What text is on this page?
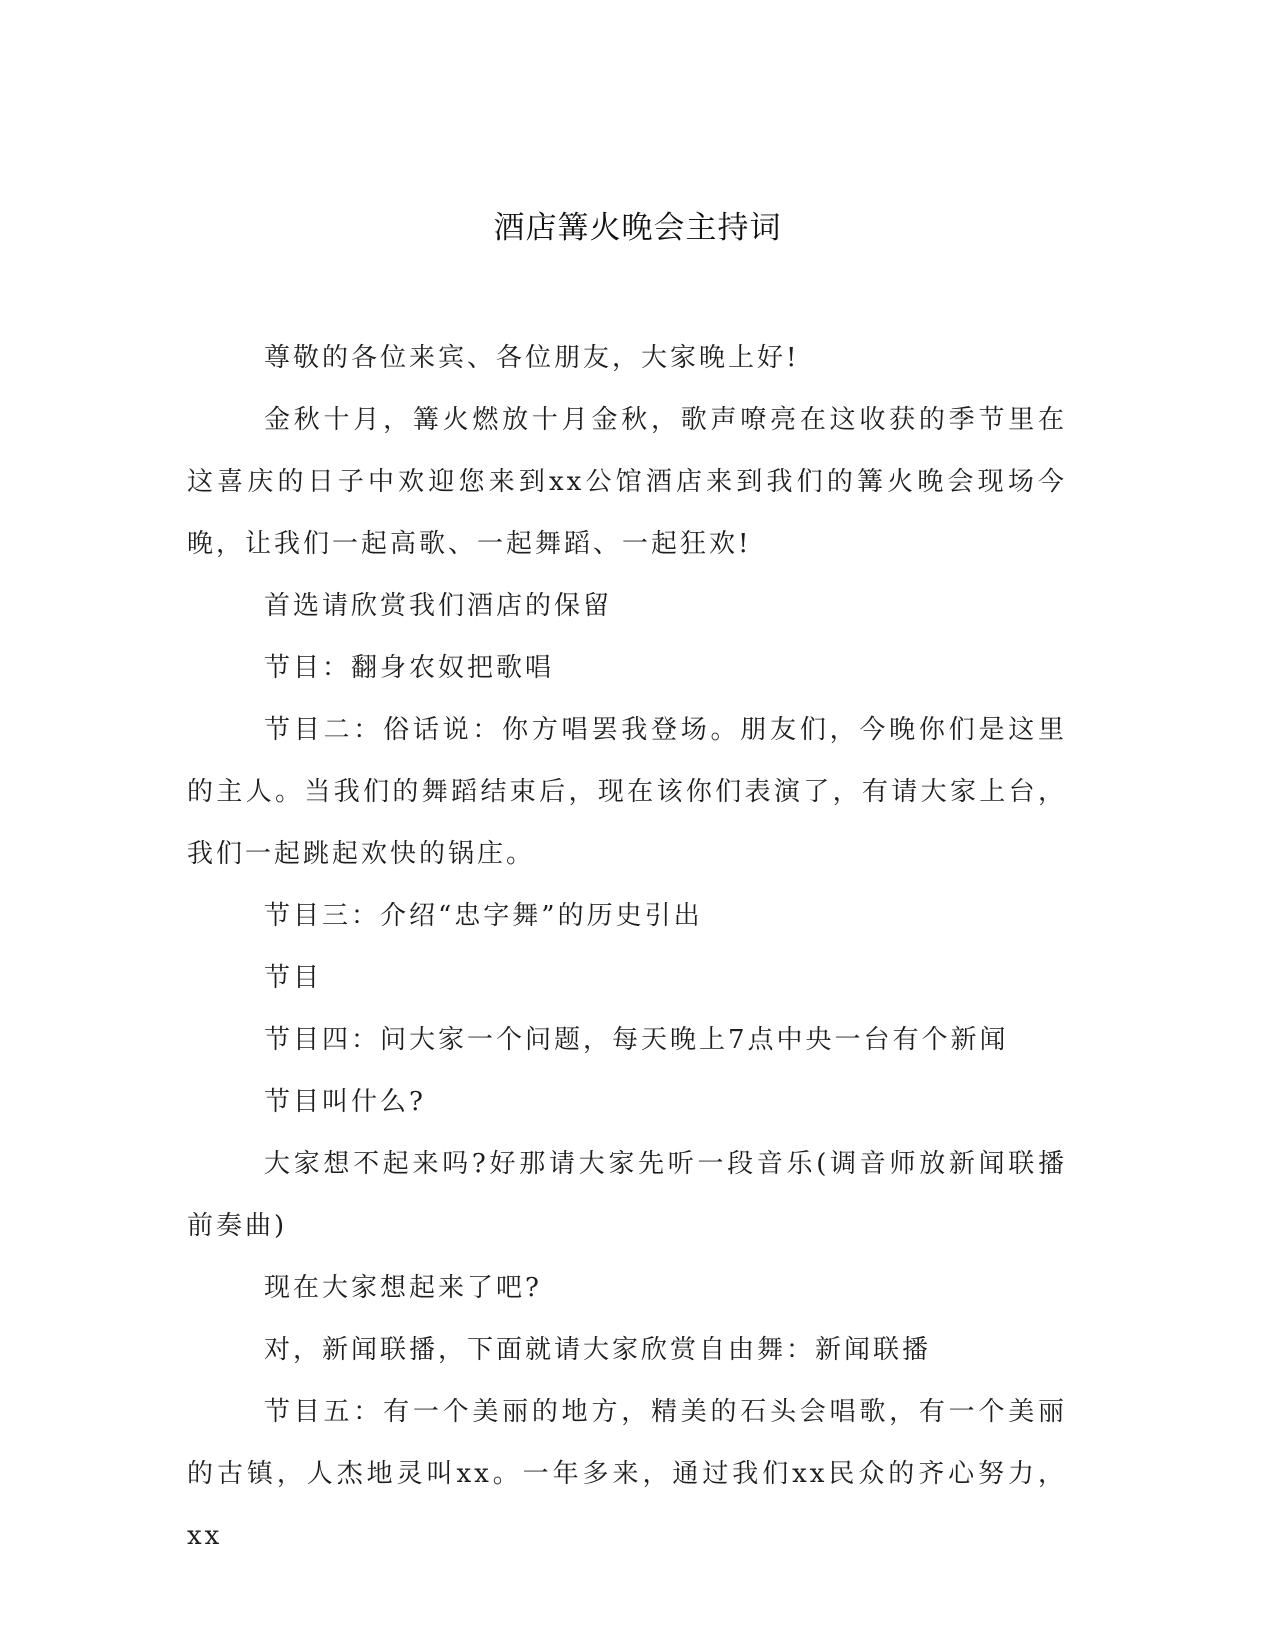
酒店篝火晚会主持词

尊敬的各位来宾、各位朋友，大家晚上好!

金秋十月，篝火燃放十月金秋，歌声嘹亮在这收获的季节里在这喜庆的日子中欢迎您来到xx公馆酒店来到我们的篝火晚会现场今晚，让我们一起高歌、一起舞蹈、一起狂欢!

首选请欣赏我们酒店的保留

节目：翻身农奴把歌唱

节目二：俗话说：你方唱罢我登场。朋友们，今晚你们是这里的主人。当我们的舞蹈结束后，现在该你们表演了，有请大家上台，我们一起跳起欢快的锅庄。

节目三：介绍“忠字舞”的历史引出

节目

节目四：问大家一个问题，每天晚上7点中央一台有个新闻

节目叫什么?

大家想不起来吗?好那请大家先听一段音乐(调音师放新闻联播前奏曲)

现在大家想起来了吧?

对，新闻联播，下面就请大家欣赏自由舞：新闻联播

节目五：有一个美丽的地方，精美的石头会唱歌，有一个美丽的古镇，人杰地灵叫xx。一年多来，通过我们xx民众的齐心努力，xx
